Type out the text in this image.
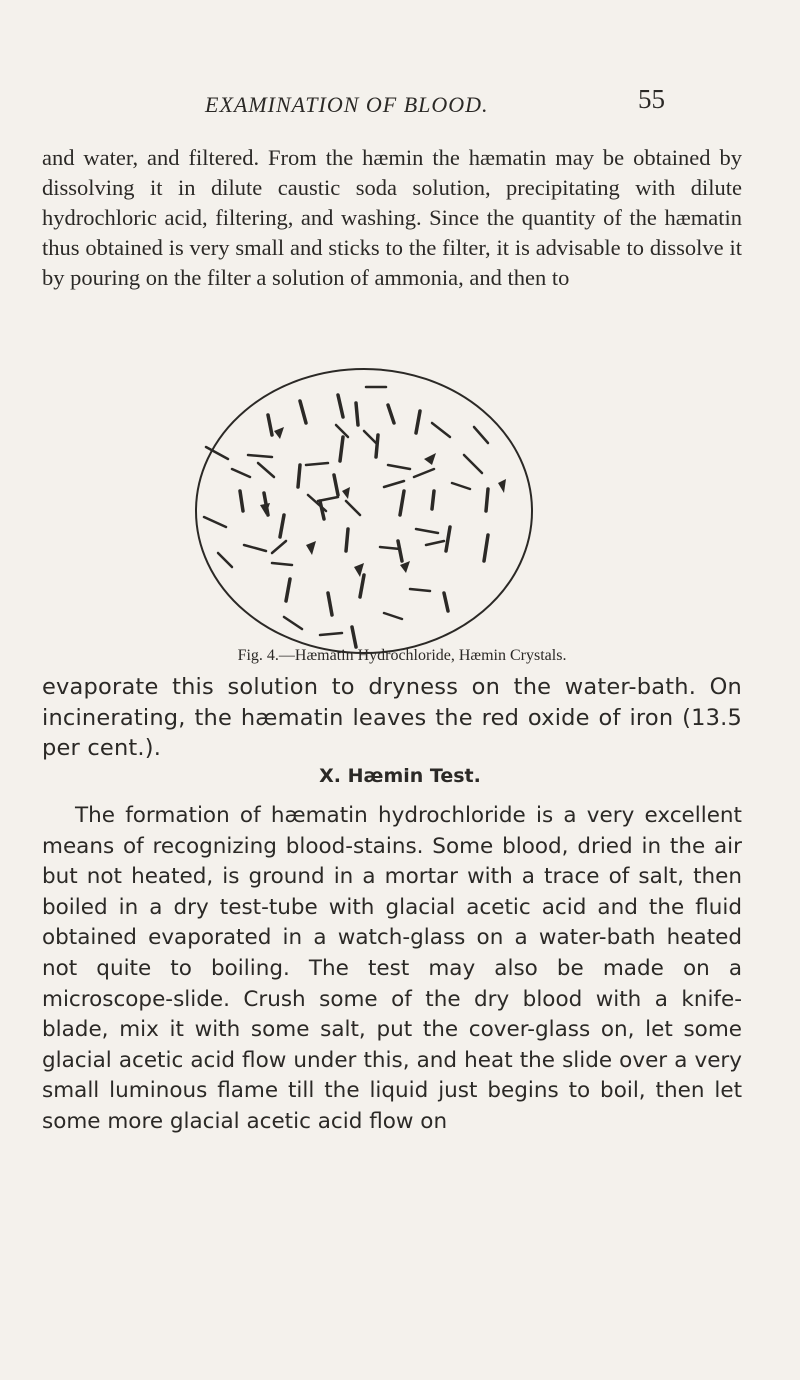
EXAMINATION OF BLOOD.	55

and water, and filtered. From the hæmin the hæmatin may be obtained by dissolving it in dilute caustic soda solution, precipitating with dilute hydrochloric acid, filtering, and washing. Since the quantity of the hæmatin thus obtained is very small and sticks to the filter, it is advisable to dissolve it by pouring on the filter a solution of ammonia, and then to

Fig. 4.—Hæmatin Hydrochloride, Hæmin Crystals.

evaporate this solution to dryness on the water-bath. On incinerating, the hæmatin leaves the red oxide of iron (13.5 per cent.).

X. Hæmin Test.

The formation of hæmatin hydrochloride is a very excellent means of recognizing blood-stains. Some blood, dried in the air but not heated, is ground in a mortar with a trace of salt, then boiled in a dry test-tube with glacial acetic acid and the fluid obtained evaporated in a watch-glass on a water-bath heated not quite to boiling. The test may also be made on a microscope-slide. Crush some of the dry blood with a knife-blade, mix it with some salt, put the cover-glass on, let some glacial acetic acid flow under this, and heat the slide over a very small luminous flame till the liquid just begins to boil, then let some more glacial acetic acid flow on
